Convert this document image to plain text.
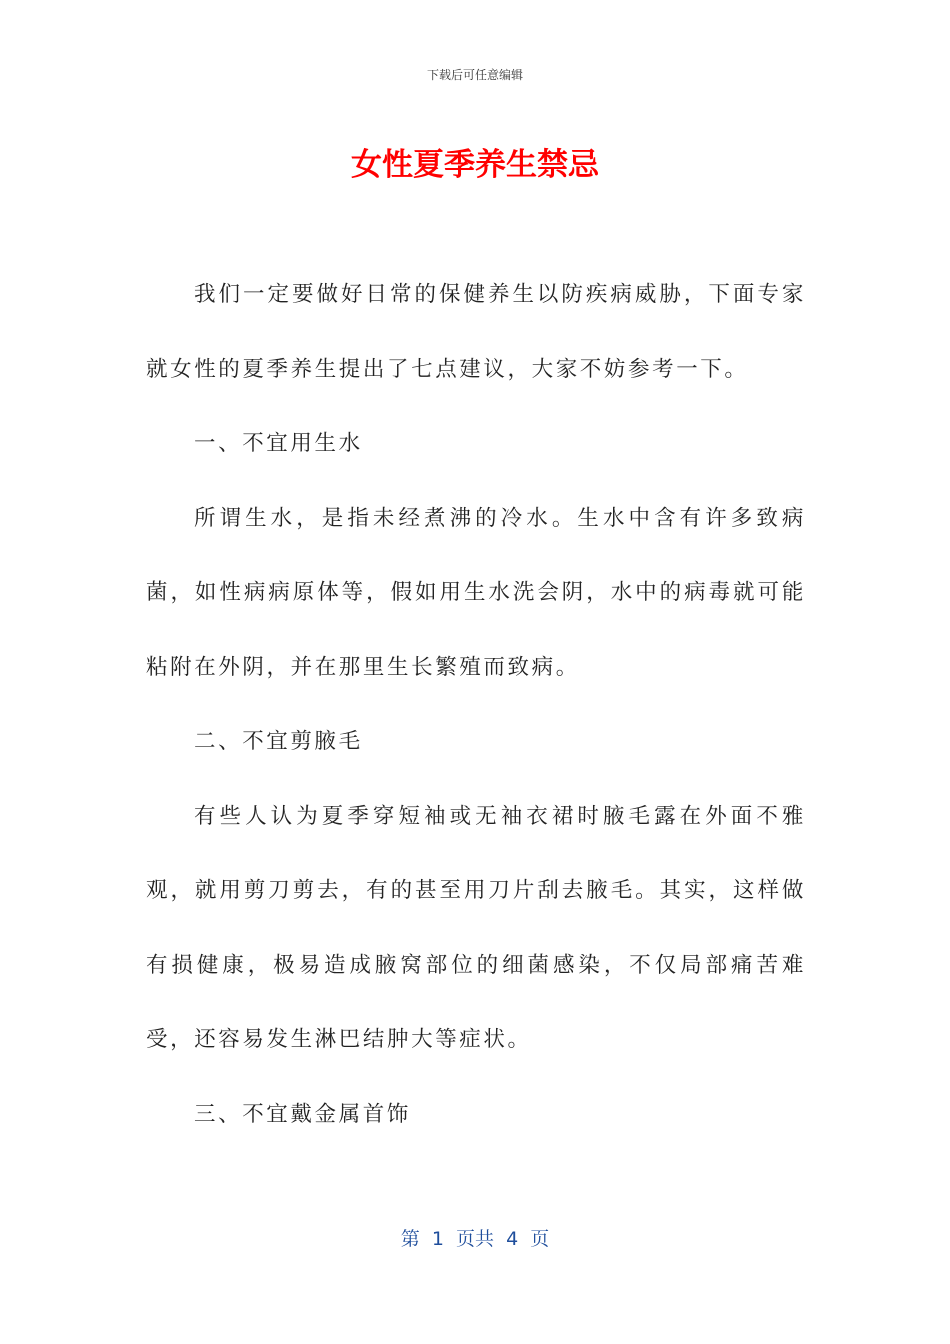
下载后可任意编辑
女性夏季养生禁忌

我们一定要做好日常的保健养生以防疾病威胁，下面专家就女性的夏季养生提出了七点建议，大家不妨参考一下。

一、不宜用生水

所谓生水，是指未经煮沸的冷水。生水中含有许多致病菌，如性病病原体等，假如用生水洗会阴，水中的病毒就可能粘附在外阴，并在那里生长繁殖而致病。

二、不宜剪腋毛

有些人认为夏季穿短袖或无袖衣裙时腋毛露在外面不雅观，就用剪刀剪去，有的甚至用刀片刮去腋毛。其实，这样做有损健康，极易造成腋窝部位的细菌感染，不仅局部痛苦难受，还容易发生淋巴结肿大等症状。

三、不宜戴金属首饰

第  1  页共  4  页
